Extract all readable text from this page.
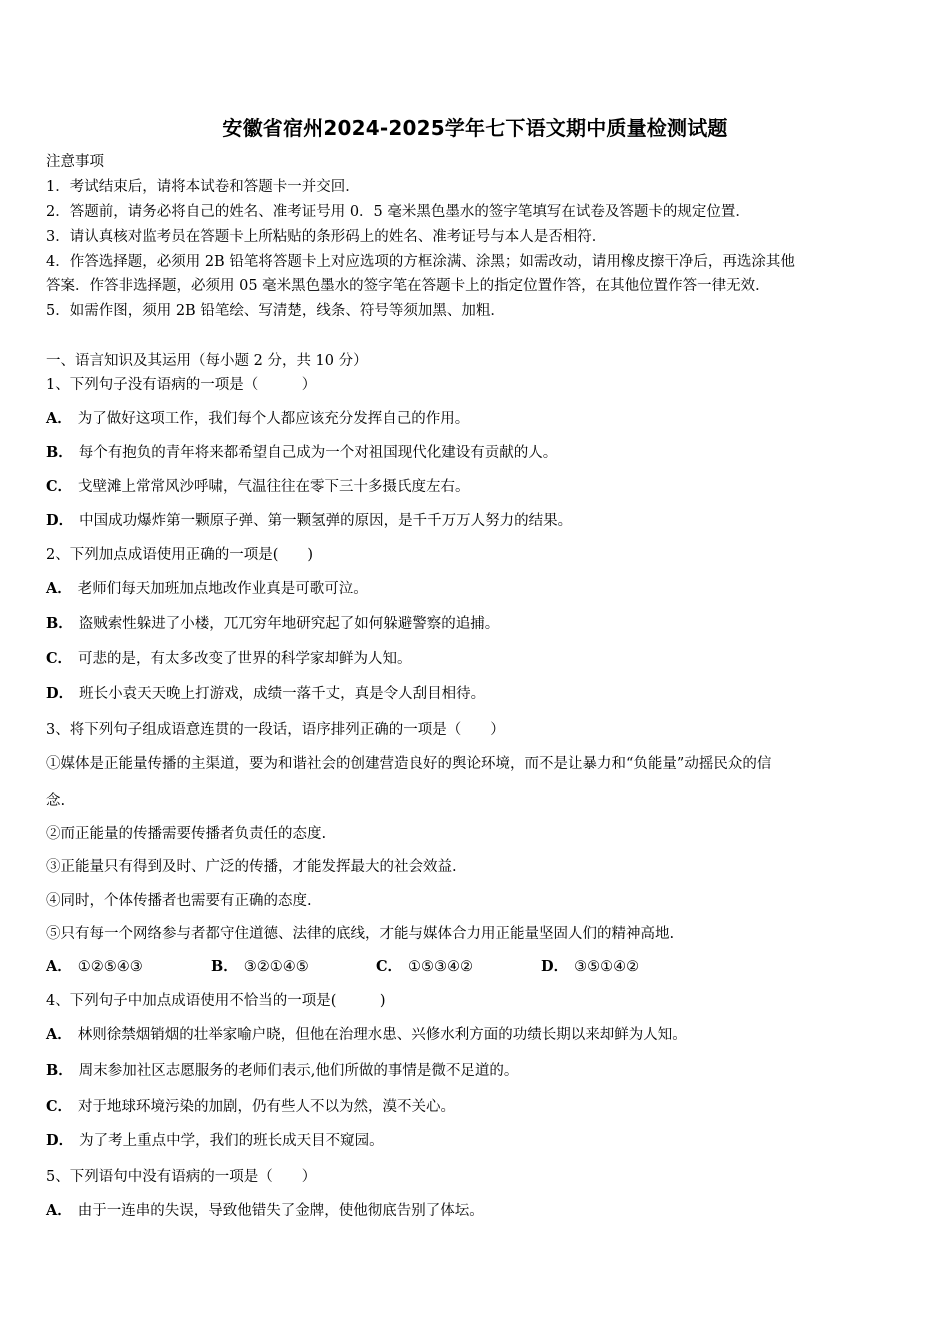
安徽省宿州2024-2025学年七下语文期中质量检测试题
注意事项
1．考试结束后，请将本试卷和答题卡一并交回．
2．答题前，请务必将自己的姓名、准考证号用 0．5 毫米黑色墨水的签字笔填写在试卷及答题卡的规定位置．
3．请认真核对监考员在答题卡上所粘贴的条形码上的姓名、准考证号与本人是否相符．
4．作答选择题，必须用 2B 铅笔将答题卡上对应选项的方框涂满、涂黑；如需改动，请用橡皮擦干净后，再选涂其他
答案．作答非选择题，必须用 05 毫米黑色墨水的签字笔在答题卡上的指定位置作答，在其他位置作答一律无效．
5．如需作图，须用 2B 铅笔绘、写清楚，线条、符号等须加黑、加粗．
一、语言知识及其运用（每小题 2 分，共 10 分）
1、下列句子没有语病的一项是（　　　）
A． 为了做好这项工作，我们每个人都应该充分发挥自己的作用。
B． 每个有抱负的青年将来都希望自己成为一个对祖国现代化建设有贡献的人。
C． 戈壁滩上常常风沙呼啸，气温往往在零下三十多摄氏度左右。
D． 中国成功爆炸第一颗原子弹、第一颗氢弹的原因，是千千万万人努力的结果。
2、下列加点成语使用正确的一项是(　　)
A． 老师们每天加班加点地改作业真是可歌可泣。
B． 盗贼索性躲进了小楼，兀兀穷年地研究起了如何躲避警察的追捕。
C． 可悲的是，有太多改变了世界的科学家却鲜为人知。
D． 班长小袁天天晚上打游戏，成绩一落千丈，真是令人刮目相待。
3、将下列句子组成语意连贯的一段话，语序排列正确的一项是（　　）
①媒体是正能量传播的主渠道，要为和谐社会的创建营造良好的舆论环境，而不是让暴力和“负能量”动摇民众的信
念.
②而正能量的传播需要传播者负责任的态度.
③正能量只有得到及时、广泛的传播，才能发挥最大的社会效益.
④同时，个体传播者也需要有正确的态度.
⑤只有每一个网络参与者都守住道德、法律的底线，才能与媒体合力用正能量坚固人们的精神高地.
A． ①②⑤④③	B． ③②①④⑤	C． ①⑤③④②	D． ③⑤①④②
4、下列句子中加点成语使用不恰当的一项是(　　　)
A． 林则徐禁烟销烟的壮举家喻户晓，但他在治理水患、兴修水利方面的功绩长期以来却鲜为人知。
B． 周末参加社区志愿服务的老师们表示,他们所做的事情是微不足道的。
C． 对于地球环境污染的加剧，仍有些人不以为然，漠不关心。
D． 为了考上重点中学，我们的班长成天目不窥园。
5、下列语句中没有语病的一项是（　　）
A． 由于一连串的失误，导致他错失了金牌，使他彻底告别了体坛。
